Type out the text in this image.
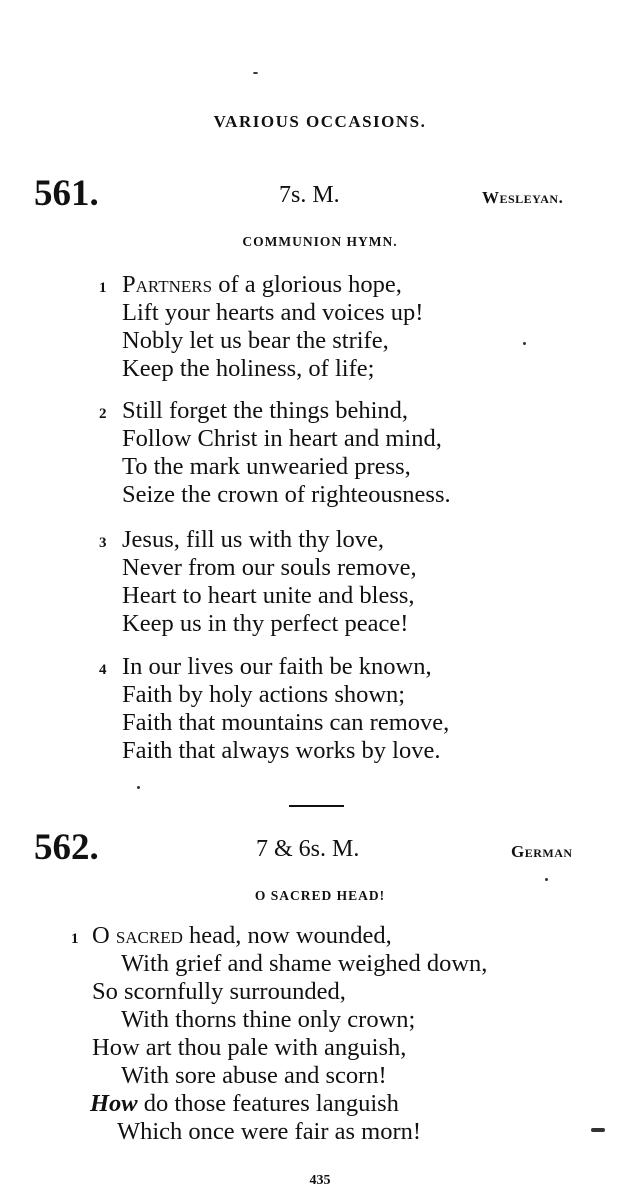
VARIOUS OCCASIONS.
561.	7s. M.	Wesleyan.
COMMUNION HYMN.
1 Partners of a glorious hope,
Lift your hearts and voices up!
Nobly let us bear the strife,
Keep the holiness, of life;
2 Still forget the things behind,
Follow Christ in heart and mind,
To the mark unwearied press,
Seize the crown of righteousness.
3 Jesus, fill us with thy love,
Never from our souls remove,
Heart to heart unite and bless,
Keep us in thy perfect peace!
4 In our lives our faith be known,
Faith by holy actions shown;
Faith that mountains can remove,
Faith that always works by love.
562.	7 & 6s. M.	German
O SACRED HEAD!
1 O sacred head, now wounded,
With grief and shame weighed down,
So scornfully surrounded,
With thorns thine only crown;
How art thou pale with anguish,
With sore abuse and scorn!
How do those features languish
Which once were fair as morn!
435
